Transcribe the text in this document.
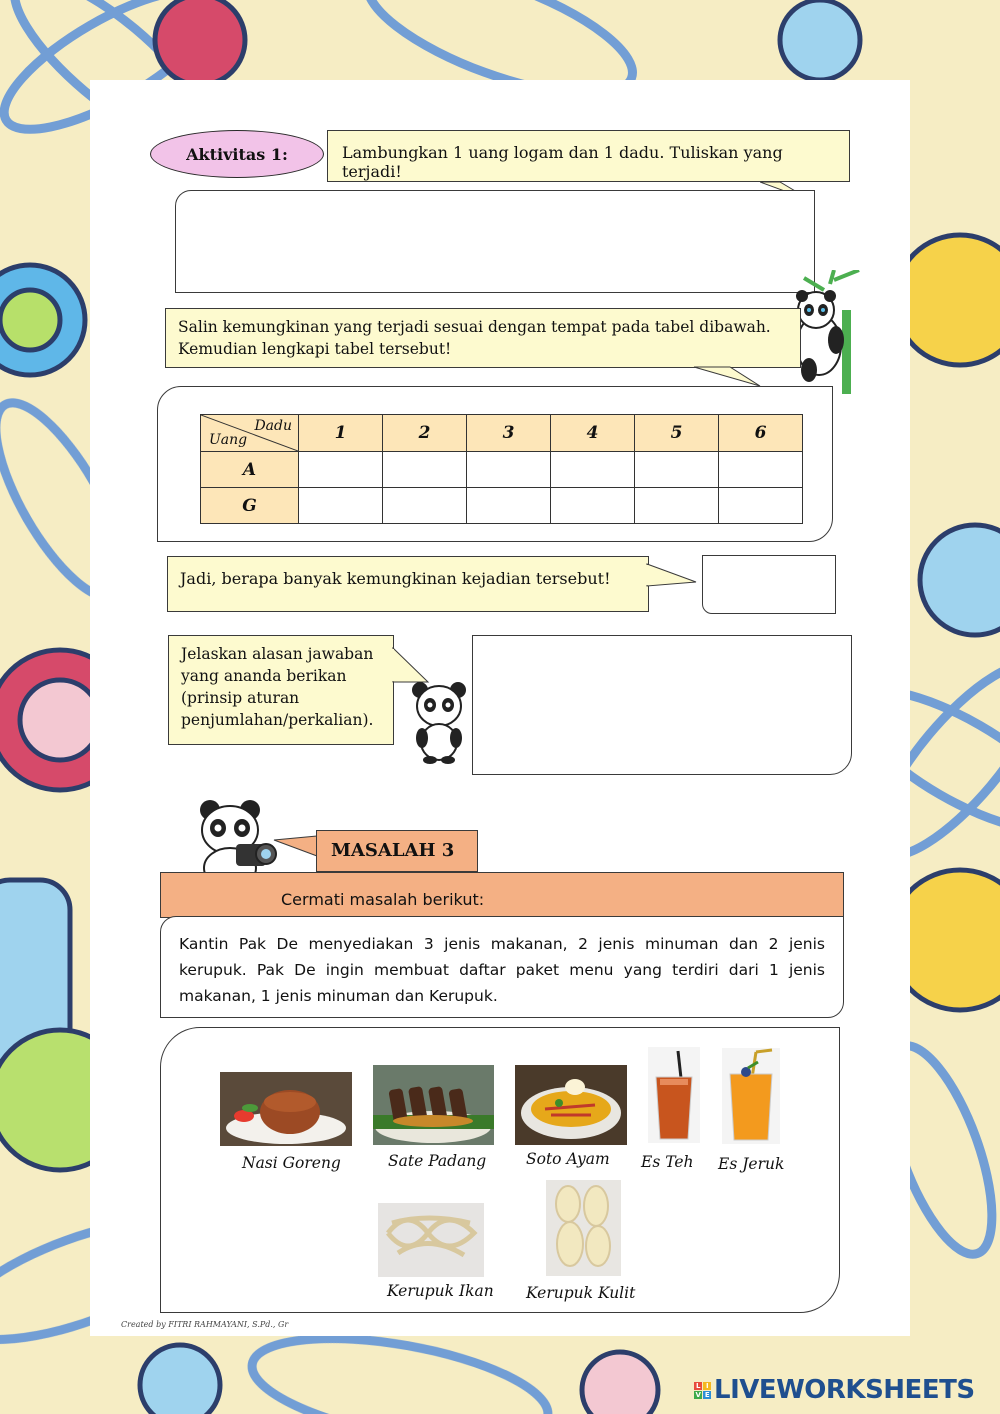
Aktivitas 1:	Lambungkan 1 uang logam dan 1 dadu. Tuliskan yang terjadi!
Salin kemungkinan yang terjadi sesuai dengan tempat pada tabel dibawah.
Kemudian lengkapi tabel tersebut!
Dadu
Uang	1	2	3	4	5	6
A						
G						
Jadi, berapa banyak kemungkinan kejadian tersebut!
Jelaskan alasan jawaban
yang ananda berikan
(prinsip aturan
penjumlahan/perkalian).
MASALAH 3
Cermati masalah berikut:
Kantin Pak De menyediakan 3 jenis makanan, 2 jenis minuman dan 2 jenis kerupuk. Pak De ingin membuat daftar paket menu yang terdiri dari 1 jenis makanan, 1 jenis minuman dan Kerupuk.
Nasi Goreng	Sate Padang	Soto Ayam Es Teh Es Jeruk
Kerupuk Ikan Kerupuk Kulit
Created by FITRI RAHMAYANI, S.Pd., Gr
L I
V E LIVEWORKSHEETS
